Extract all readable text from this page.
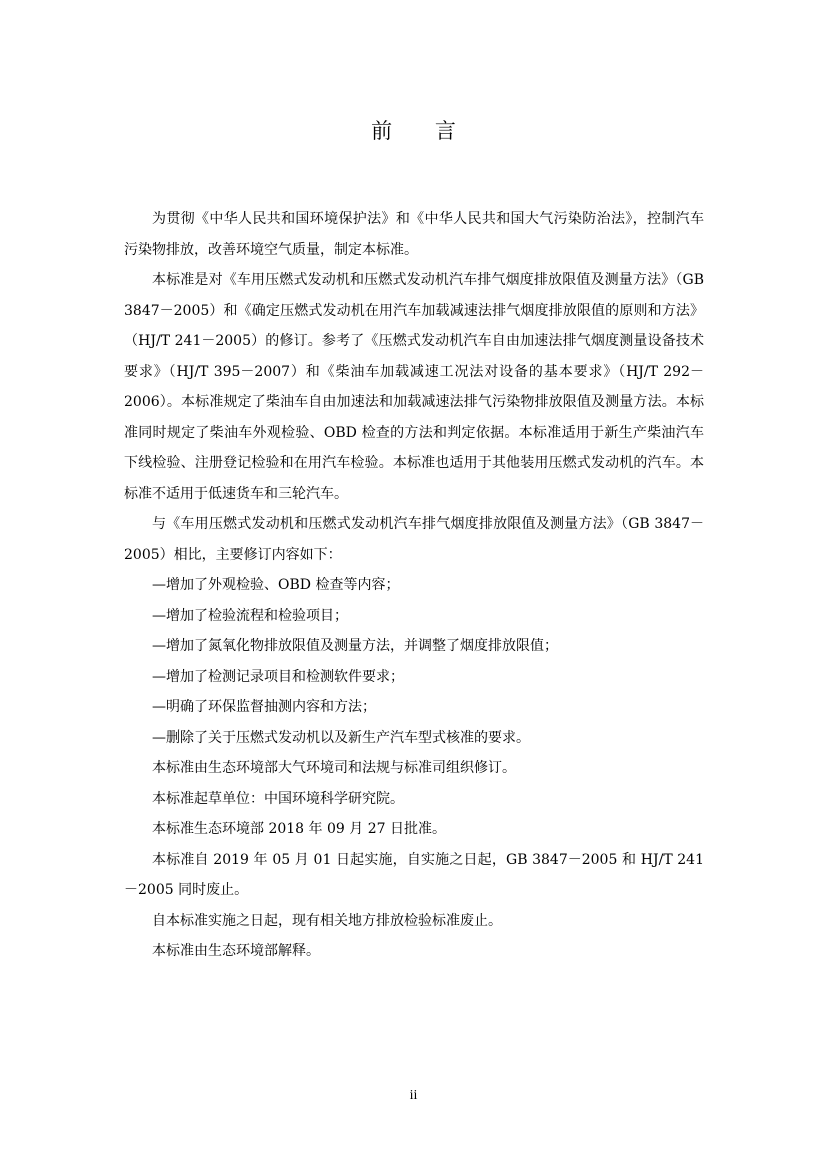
前 言

为贯彻《中华人民共和国环境保护法》和《中华人民共和国大气污染防治法》，控制汽车污染物排放，改善环境空气质量，制定本标准。

本标准是对《车用压燃式发动机和压燃式发动机汽车排气烟度排放限值及测量方法》（GB 3847－2005）和《确定压燃式发动机在用汽车加载减速法排气烟度排放限值的原则和方法》（HJ/T 241－2005）的修订。参考了《压燃式发动机汽车自由加速法排气烟度测量设备技术要求》（HJ/T 395－2007）和《柴油车加载减速工况法对设备的基本要求》（HJ/T 292－2006）。本标准规定了柴油车自由加速法和加载减速法排气污染物排放限值及测量方法。本标准同时规定了柴油车外观检验、OBD 检查的方法和判定依据。本标准适用于新生产柴油汽车下线检验、注册登记检验和在用汽车检验。本标准也适用于其他装用压燃式发动机的汽车。本标准不适用于低速货车和三轮汽车。

与《车用压燃式发动机和压燃式发动机汽车排气烟度排放限值及测量方法》（GB 3847－2005）相比，主要修订内容如下：

—增加了外观检验、OBD 检查等内容；

—增加了检验流程和检验项目；

—增加了氮氧化物排放限值及测量方法，并调整了烟度排放限值；

—增加了检测记录项目和检测软件要求；

—明确了环保监督抽测内容和方法；

—删除了关于压燃式发动机以及新生产汽车型式核准的要求。

本标准由生态环境部大气环境司和法规与标准司组织修订。

本标准起草单位：中国环境科学研究院。

本标准生态环境部 2018 年 09 月 27 日批准。

本标准自 2019 年 05 月 01 日起实施，自实施之日起，GB 3847－2005 和 HJ/T 241－2005 同时废止。

自本标准实施之日起，现有相关地方排放检验标准废止。

本标准由生态环境部解释。

ii
